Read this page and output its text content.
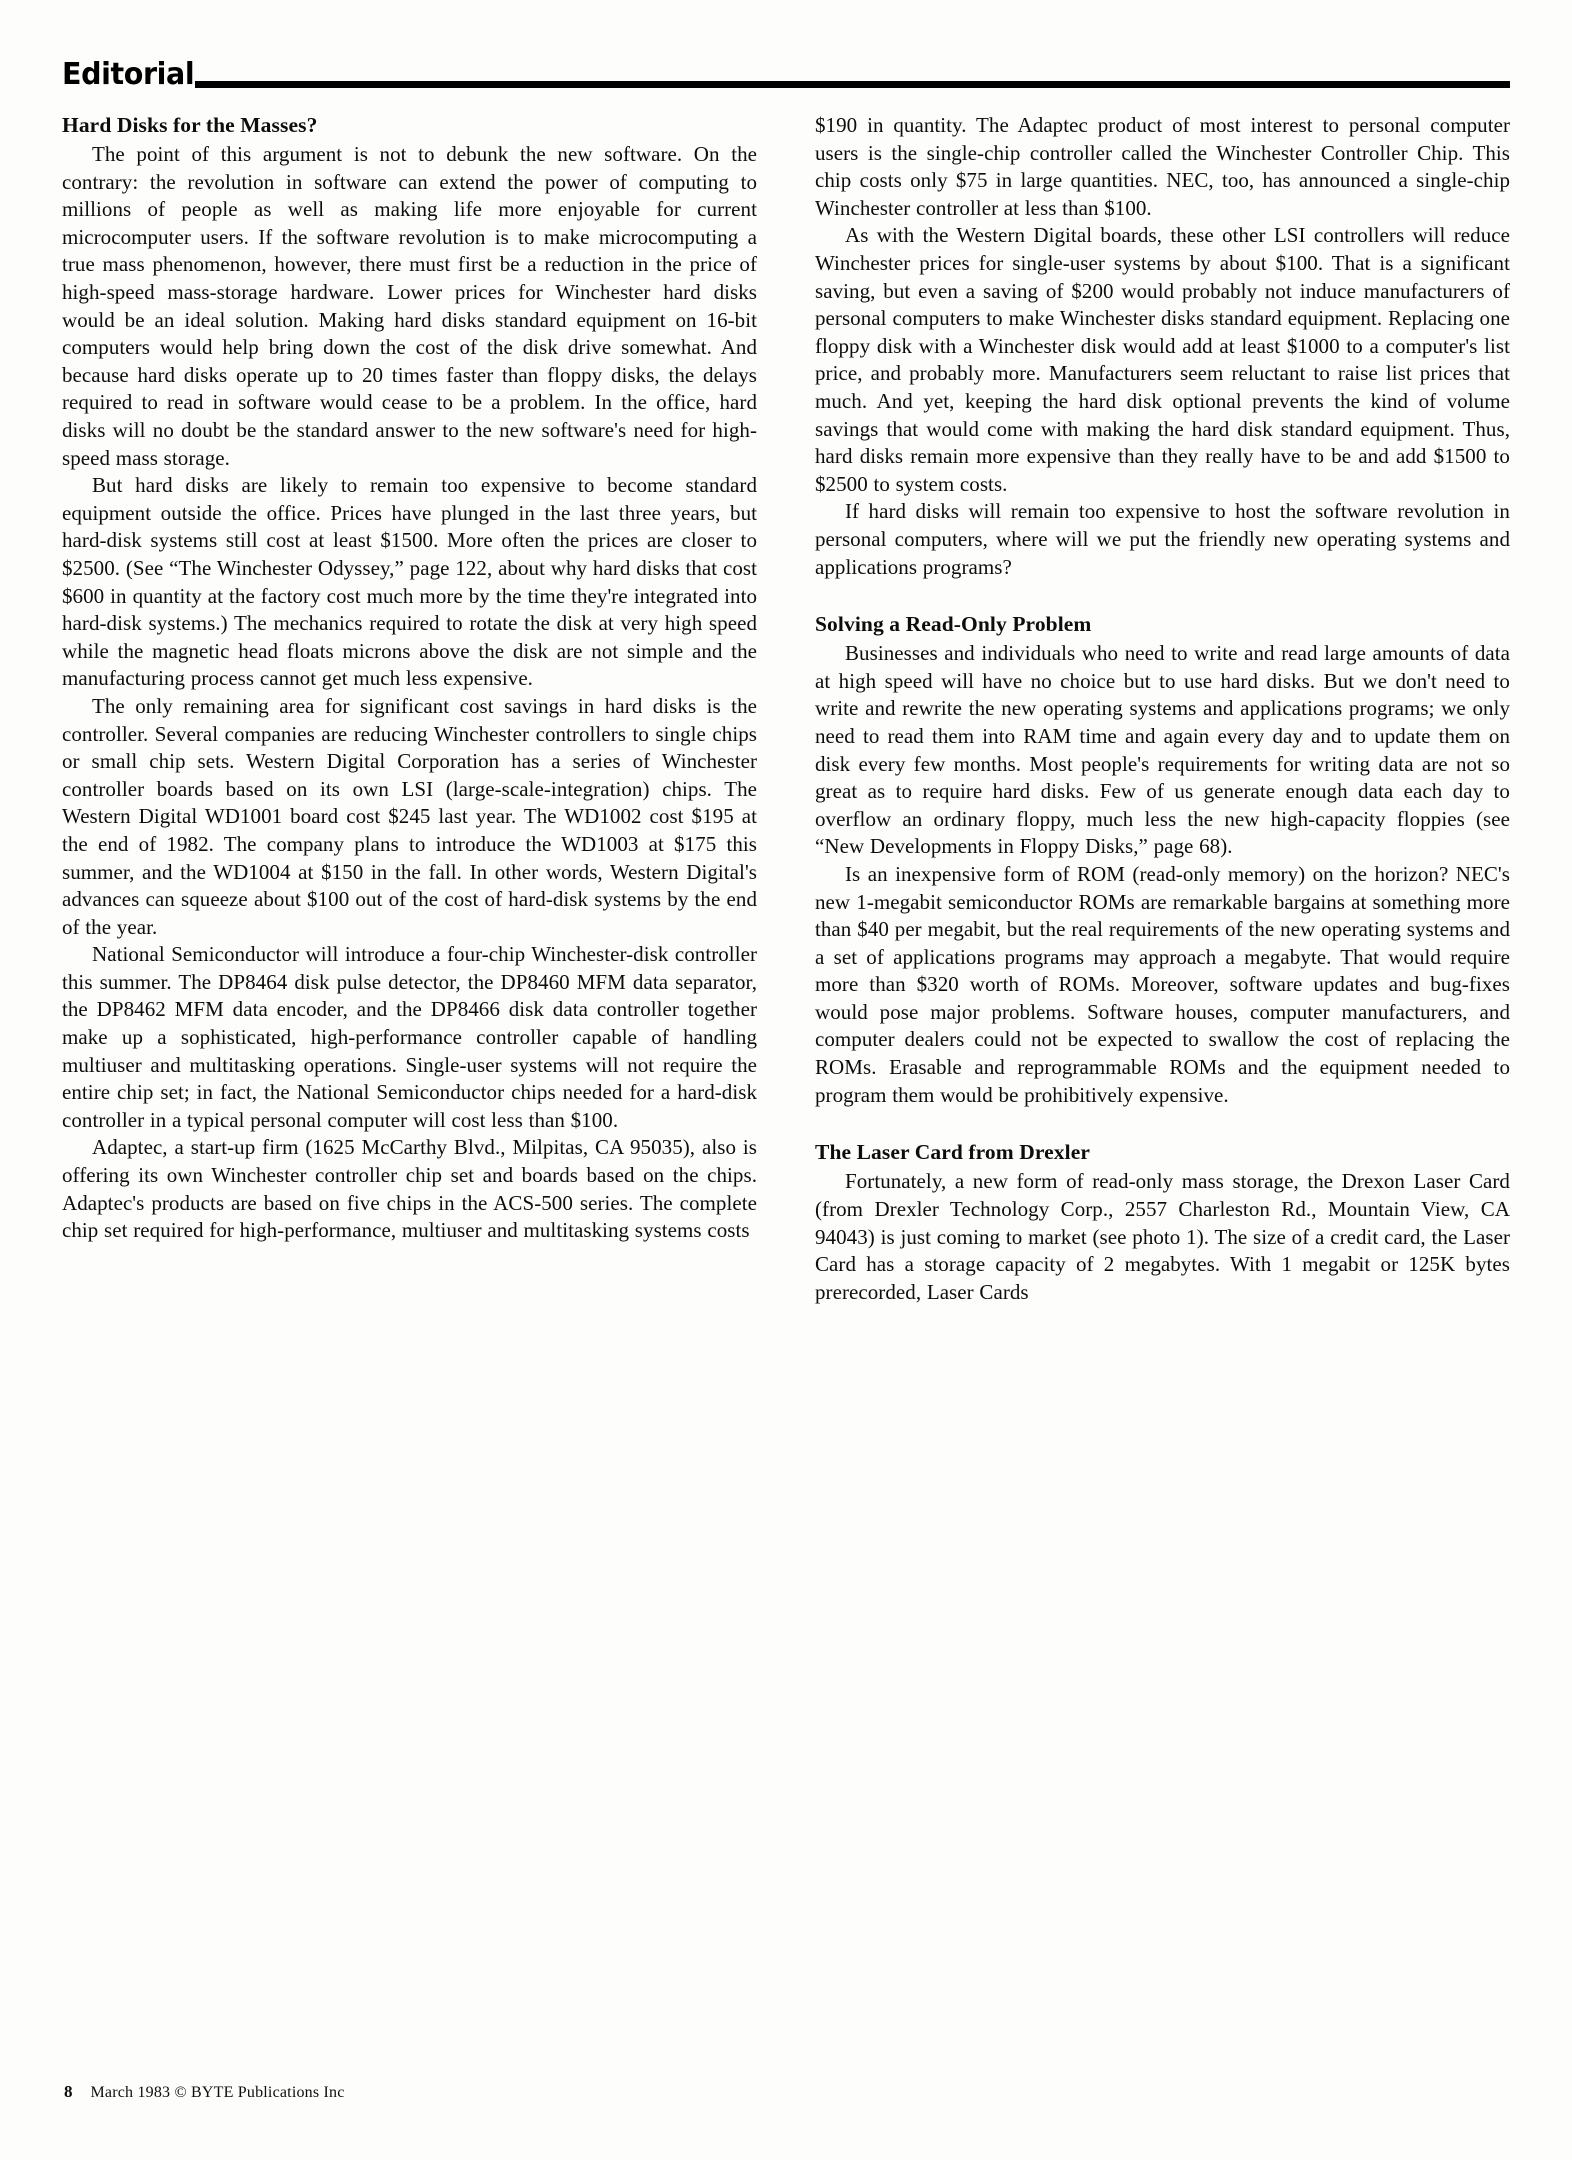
Editorial
Hard Disks for the Masses?

The point of this argument is not to debunk the new software. On the contrary: the revolution in software can extend the power of computing to millions of people as well as making life more enjoyable for current microcomputer users. If the software revolution is to make microcomputing a true mass phenomenon, however, there must first be a reduction in the price of high-speed mass-storage hardware. Lower prices for Winchester hard disks would be an ideal solution. Making hard disks standard equipment on 16-bit computers would help bring down the cost of the disk drive somewhat. And because hard disks operate up to 20 times faster than floppy disks, the delays required to read in software would cease to be a problem. In the office, hard disks will no doubt be the standard answer to the new software's need for high-speed mass storage.

But hard disks are likely to remain too expensive to become standard equipment outside the office. Prices have plunged in the last three years, but hard-disk systems still cost at least $1500. More often the prices are closer to $2500. (See “The Winchester Odyssey,” page 122, about why hard disks that cost $600 in quantity at the factory cost much more by the time they're integrated into hard-disk systems.) The mechanics required to rotate the disk at very high speed while the magnetic head floats microns above the disk are not simple and the manufacturing process cannot get much less expensive.

The only remaining area for significant cost savings in hard disks is the controller. Several companies are reducing Winchester controllers to single chips or small chip sets. Western Digital Corporation has a series of Winchester controller boards based on its own LSI (large-scale-integration) chips. The Western Digital WD1001 board cost $245 last year. The WD1002 cost $195 at the end of 1982. The company plans to introduce the WD1003 at $175 this summer, and the WD1004 at $150 in the fall. In other words, Western Digital's advances can squeeze about $100 out of the cost of hard-disk systems by the end of the year.

National Semiconductor will introduce a four-chip Winchester-disk controller this summer. The DP8464 disk pulse detector, the DP8460 MFM data separator, the DP8462 MFM data encoder, and the DP8466 disk data controller together make up a sophisticated, high-performance controller capable of handling multiuser and multitasking operations. Single-user systems will not require the entire chip set; in fact, the National Semiconductor chips needed for a hard-disk controller in a typical personal computer will cost less than $100.

Adaptec, a start-up firm (1625 McCarthy Blvd., Milpitas, CA 95035), also is offering its own Winchester controller chip set and boards based on the chips. Adaptec's products are based on five chips in the ACS-500 series. The complete chip set required for high-performance, multiuser and multitasking systems costs

$190 in quantity. The Adaptec product of most interest to personal computer users is the single-chip controller called the Winchester Controller Chip. This chip costs only $75 in large quantities. NEC, too, has announced a single-chip Winchester controller at less than $100.

As with the Western Digital boards, these other LSI controllers will reduce Winchester prices for single-user systems by about $100. That is a significant saving, but even a saving of $200 would probably not induce manufacturers of personal computers to make Winchester disks standard equipment. Replacing one floppy disk with a Winchester disk would add at least $1000 to a computer's list price, and probably more. Manufacturers seem reluctant to raise list prices that much. And yet, keeping the hard disk optional prevents the kind of volume savings that would come with making the hard disk standard equipment. Thus, hard disks remain more expensive than they really have to be and add $1500 to $2500 to system costs.

If hard disks will remain too expensive to host the software revolution in personal computers, where will we put the friendly new operating systems and applications programs?

Solving a Read-Only Problem

Businesses and individuals who need to write and read large amounts of data at high speed will have no choice but to use hard disks. But we don't need to write and rewrite the new operating systems and applications programs; we only need to read them into RAM time and again every day and to update them on disk every few months. Most people's requirements for writing data are not so great as to require hard disks. Few of us generate enough data each day to overflow an ordinary floppy, much less the new high-capacity floppies (see “New Developments in Floppy Disks,” page 68).

Is an inexpensive form of ROM (read-only memory) on the horizon? NEC's new 1-megabit semiconductor ROMs are remarkable bargains at something more than $40 per megabit, but the real requirements of the new operating systems and a set of applications programs may approach a megabyte. That would require more than $320 worth of ROMs. Moreover, software updates and bug-fixes would pose major problems. Software houses, computer manufacturers, and computer dealers could not be expected to swallow the cost of replacing the ROMs. Erasable and reprogrammable ROMs and the equipment needed to program them would be prohibitively expensive.

The Laser Card from Drexler

Fortunately, a new form of read-only mass storage, the Drexon Laser Card (from Drexler Technology Corp., 2557 Charleston Rd., Mountain View, CA 94043) is just coming to market (see photo 1). The size of a credit card, the Laser Card has a storage capacity of 2 megabytes. With 1 megabit or 125K bytes prerecorded, Laser Cards

8 March 1983 © BYTE Publications Inc
